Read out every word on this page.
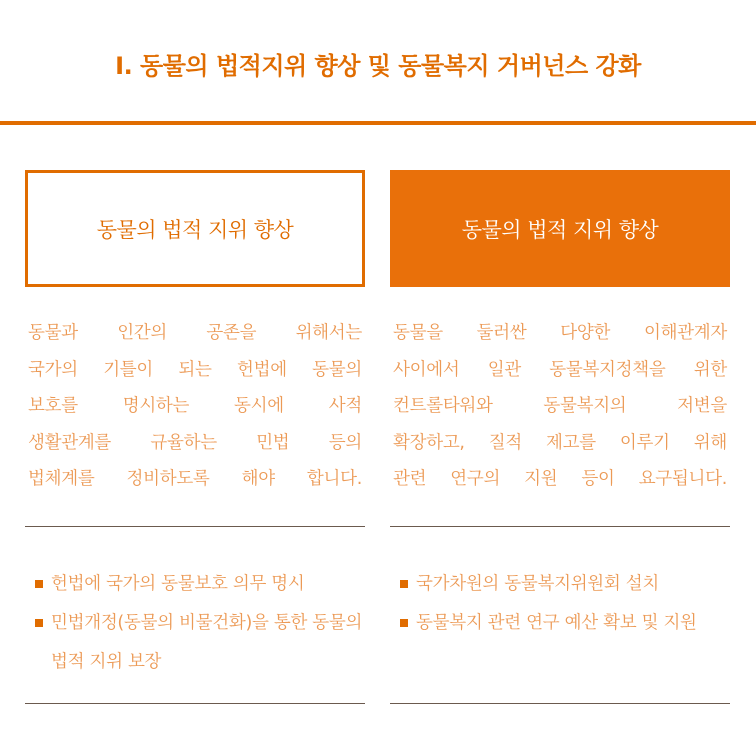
Ⅰ. 동물의 법적지위 향상 및 동물복지 거버넌스 강화
동물의 법적 지위 향상
동물과 인간의 공존을 위해서는
국가의 기틀이 되는 헌법에 동물의
보호를 명시하는 동시에 사적
생활관계를 규율하는 민법 등의
법체계를 정비하도록 해야 합니다.
헌법에 국가의 동물보호 의무 명시
민법개정(동물의 비물건화)을 통한 동물의 법적 지위 보장
동물의 법적 지위 향상
동물을 둘러싼 다양한 이해관계자
사이에서 일관 동물복지정책을 위한
컨트롤타워와 동물복지의 저변을
확장하고, 질적 제고를 이루기 위해
관련 연구의 지원 등이 요구됩니다.
국가차원의 동물복지위원회 설치
동물복지 관련 연구 예산 확보 및 지원
